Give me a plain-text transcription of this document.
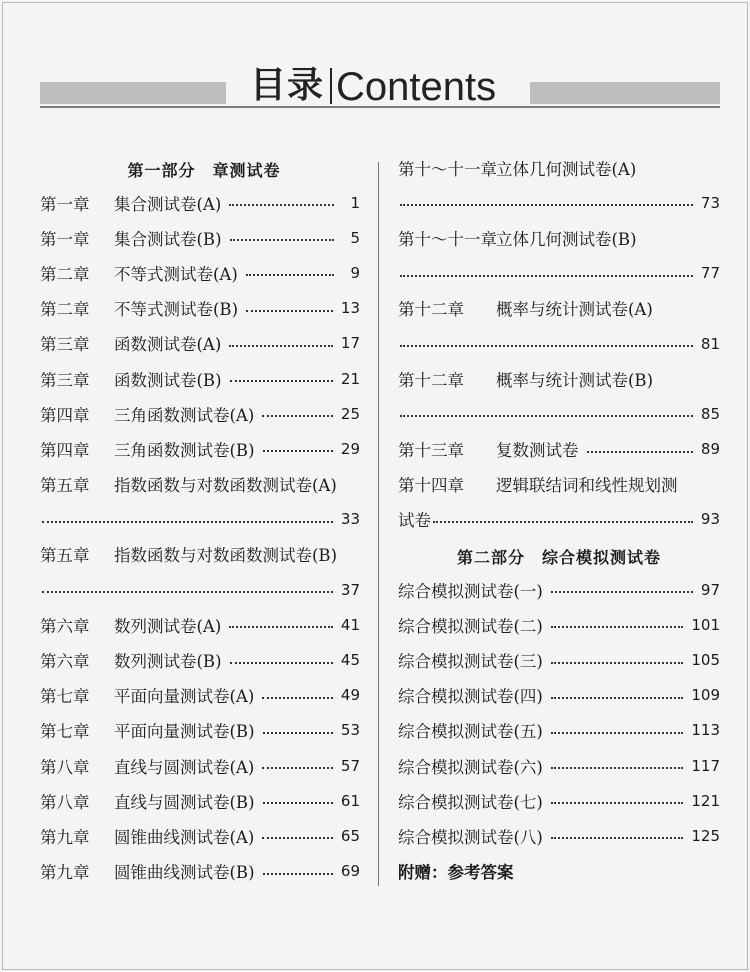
目录 Contents
第一部分　章测试卷
第一章	集合测试卷(A)	1
第一章	集合测试卷(B)	5
第二章	不等式测试卷(A)	9
第二章	不等式测试卷(B)	13
第三章	函数测试卷(A)	17
第三章	函数测试卷(B)	21
第四章	三角函数测试卷(A)	25
第四章	三角函数测试卷(B)	29
第五章	指数函数与对数函数测试卷(A)
33
第五章	指数函数与对数函数测试卷(B)
37
第六章	数列测试卷(A)	41
第六章	数列测试卷(B)	45
第七章	平面向量测试卷(A)	49
第七章	平面向量测试卷(B)	53
第八章	直线与圆测试卷(A)	57
第八章	直线与圆测试卷(B)	61
第九章	圆锥曲线测试卷(A)	65
第九章	圆锥曲线测试卷(B)	69
第十～十一章 立体几何测试卷(A)
73
第十～十一章 立体几何测试卷(B)
77
第十二章	概率与统计测试卷(A)
81
第十二章	概率与统计测试卷(B)
85
第十三章	复数测试卷	89
第十四章	逻辑联结词和线性规划测
试卷	93
第二部分　综合模拟测试卷
综合模拟测试卷(一)	97
综合模拟测试卷(二)	101
综合模拟测试卷(三)	105
综合模拟测试卷(四)	109
综合模拟测试卷(五)	113
综合模拟测试卷(六)	117
综合模拟测试卷(七)	121
综合模拟测试卷(八)	125
附赠：参考答案
